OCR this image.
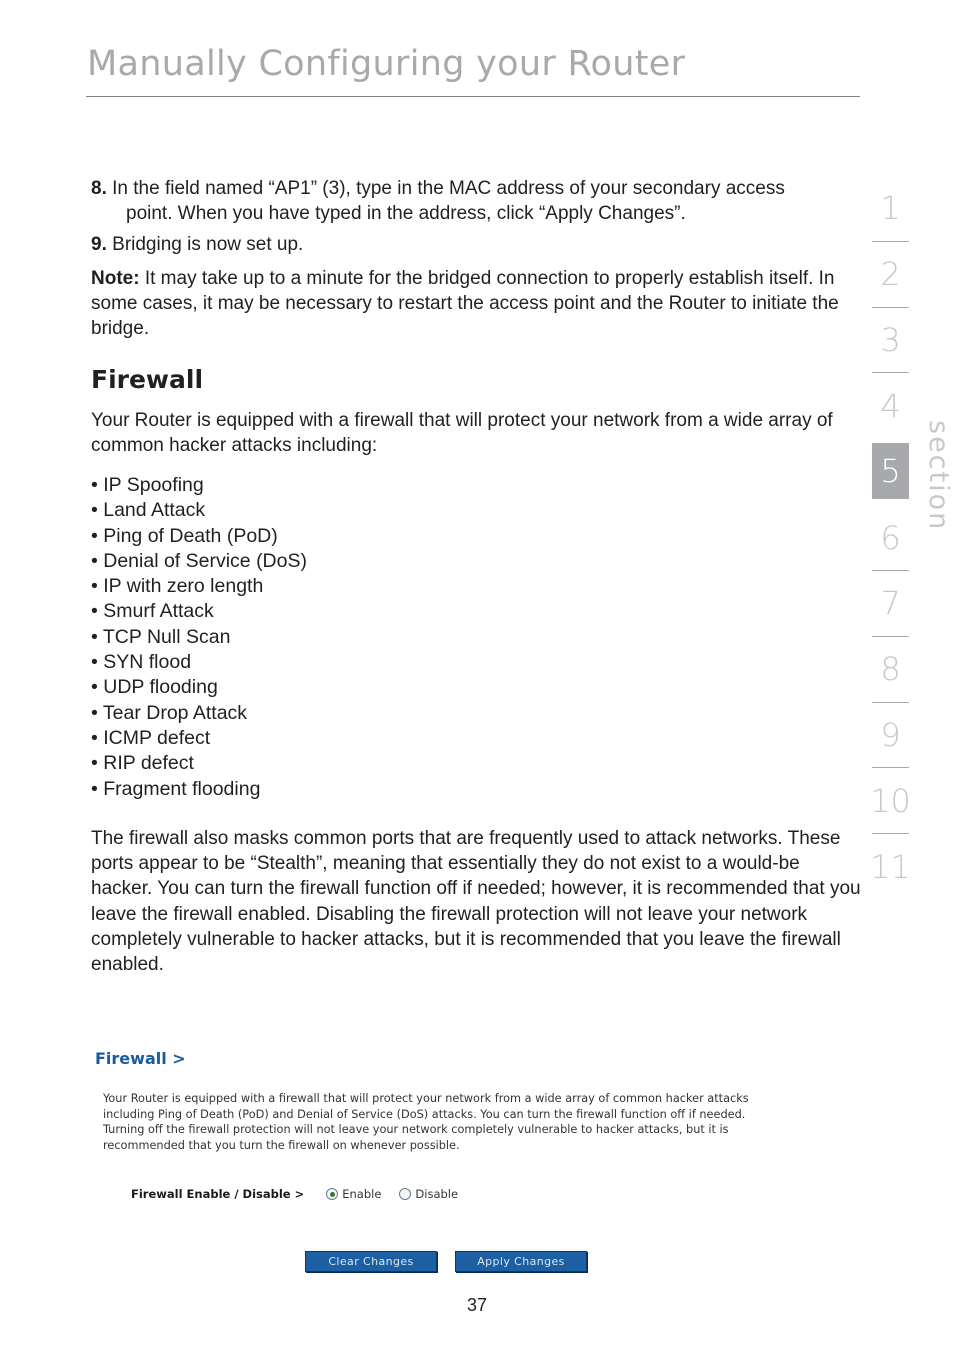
Manually Configuring your Router

8. In the field named “AP1” (3), type in the MAC address of your secondary access
point. When you have typed in the address, click “Apply Changes”.

9. Bridging is now set up.

Note: It may take up to a minute for the bridged connection to properly establish itself. In some cases, it may be necessary to restart the access point and the Router to initiate the bridge.

Firewall

Your Router is equipped with a firewall that will protect your network from a wide array of common hacker attacks including:

• IP Spoofing
• Land Attack
• Ping of Death (PoD)
• Denial of Service (DoS)
• IP with zero length
• Smurf Attack
• TCP Null Scan
• SYN flood
• UDP flooding
• Tear Drop Attack
• ICMP defect
• RIP defect
• Fragment flooding

The firewall also masks common ports that are frequently used to attack networks. These ports appear to be “Stealth”, meaning that essentially they do not exist to a would-be hacker. You can turn the firewall function off if needed; however, it is recommended that you leave the firewall enabled. Disabling the firewall protection will not leave your network completely vulnerable to hacker attacks, but it is recommended that you leave the firewall enabled.

1
2
3
4
5
6
7
8
9
10
11
section
Firewall >
Your Router is equipped with a firewall that will protect your network from a wide array of common hacker attacks including Ping of Death (PoD) and Denial of Service (DoS) attacks. You can turn the firewall function off if needed. Turning off the firewall protection will not leave your network completely vulnerable to hacker attacks, but it is recommended that you turn the firewall on whenever possible.
Firewall Enable / Disable >	Enable	Disable
Clear Changes	Apply Changes
37
